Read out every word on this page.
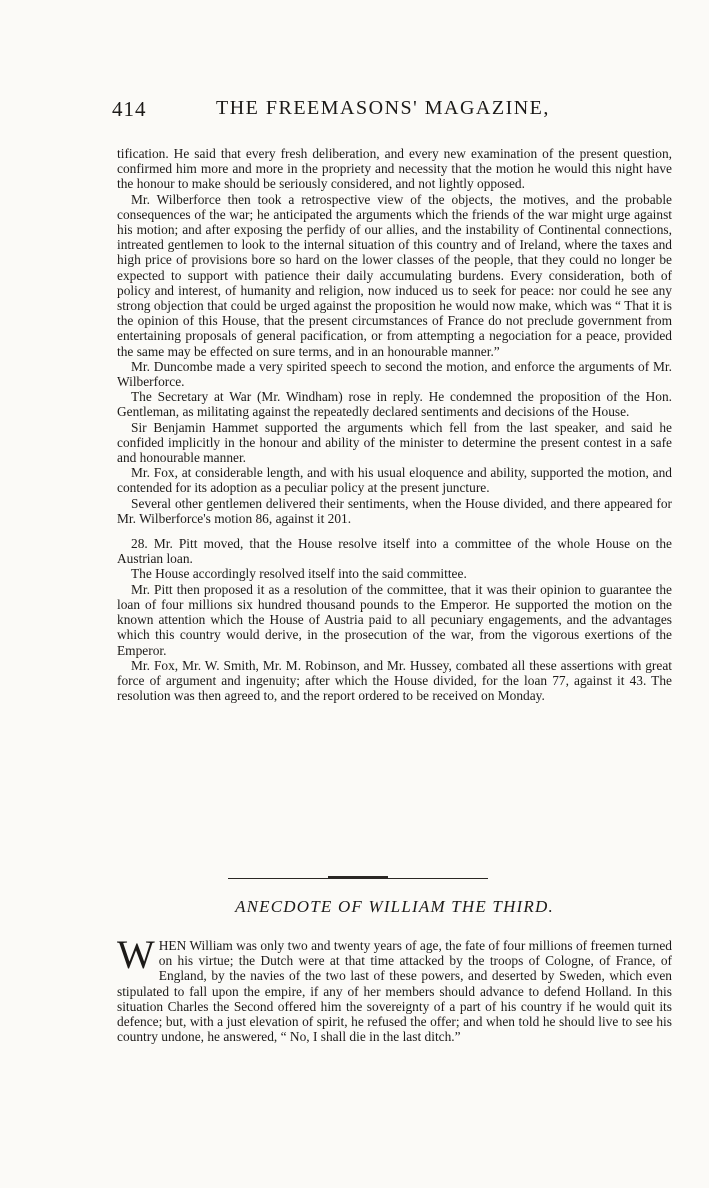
414	THE FREEMASONS' MAGAZINE,

tification. He said that every fresh deliberation, and every new examination of the present question, confirmed him more and more in the propriety and necessity that the motion he would this night have the honour to make should be seriously considered, and not lightly opposed.

Mr. Wilberforce then took a retrospective view of the objects, the motives, and the probable consequences of the war; he anticipated the arguments which the friends of the war might urge against his motion; and after exposing the perfidy of our allies, and the instability of Continental connections, intreated gentlemen to look to the internal situation of this country and of Ireland, where the taxes and high price of provisions bore so hard on the lower classes of the people, that they could no longer be expected to support with patience their daily accumulating burdens. Every consideration, both of policy and interest, of humanity and religion, now induced us to seek for peace: nor could he see any strong objection that could be urged against the proposition he would now make, which was “ That it is the opinion of this House, that the present circumstances of France do not preclude government from entertaining proposals of general pacification, or from attempting a negociation for a peace, provided the same may be effected on sure terms, and in an honourable manner.”

Mr. Duncombe made a very spirited speech to second the motion, and enforce the arguments of Mr. Wilberforce.

The Secretary at War (Mr. Windham) rose in reply. He condemned the proposition of the Hon. Gentleman, as militating against the repeatedly declared sentiments and decisions of the House.

Sir Benjamin Hammet supported the arguments which fell from the last speaker, and said he confided implicitly in the honour and ability of the minister to determine the present contest in a safe and honourable manner.

Mr. Fox, at considerable length, and with his usual eloquence and ability, supported the motion, and contended for its adoption as a peculiar policy at the present juncture.

Several other gentlemen delivered their sentiments, when the House divided, and there appeared for Mr. Wilberforce's motion 86, against it 201.

28. Mr. Pitt moved, that the House resolve itself into a committee of the whole House on the Austrian loan.

The House accordingly resolved itself into the said committee.

Mr. Pitt then proposed it as a resolution of the committee, that it was their opinion to guarantee the loan of four millions six hundred thousand pounds to the Emperor. He supported the motion on the known attention which the House of Austria paid to all pecuniary engagements, and the advantages which this country would derive, in the prosecution of the war, from the vigorous exertions of the Emperor.

Mr. Fox, Mr. W. Smith, Mr. M. Robinson, and Mr. Hussey, combated all these assertions with great force of argument and ingenuity; after which the House divided, for the loan 77, against it 43. The resolution was then agreed to, and the report ordered to be received on Monday.

ANECDOTE OF WILLIAM THE THIRD.
W HEN William was only two and twenty years of age, the fate of four millions of freemen turned on his virtue; the Dutch were at that time attacked by the troops of Cologne, of France, of England, by the navies of the two last of these powers, and deserted by Sweden, which even stipulated to fall upon the empire, if any of her members should advance to defend Holland. In this situation Charles the Second offered him the sovereignty of a part of his country if he would quit its defence; but, with a just elevation of spirit, he refused the offer; and when told he should live to see his country undone, he answered, “ No, I shall die in the last ditch.”
